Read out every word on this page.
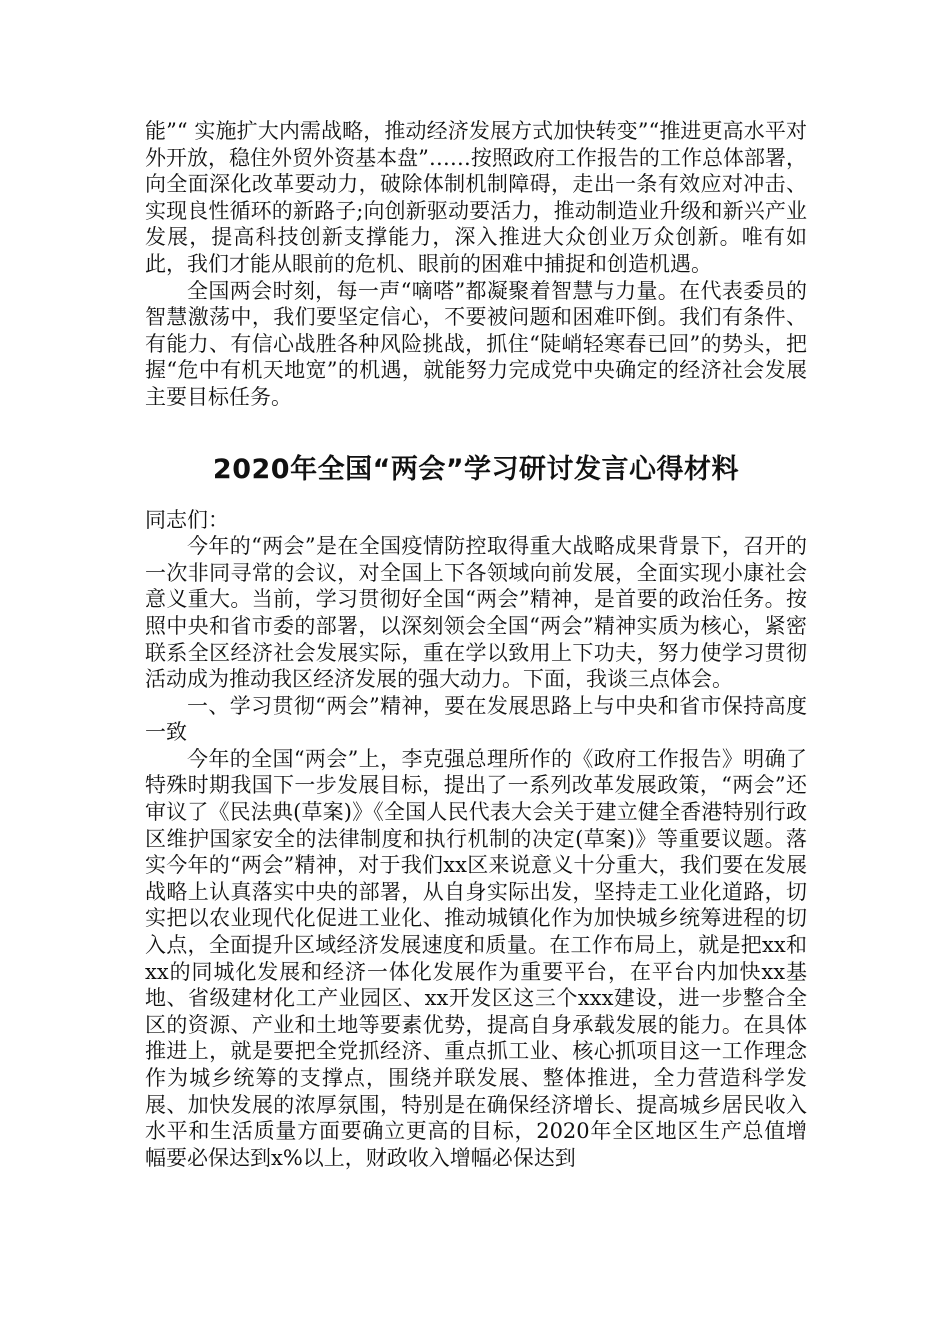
能”“ 实施扩大内需战略，推动经济发展方式加快转变”“推进更高水平对外开放，稳住外贸外资基本盘”……按照政府工作报告的工作总体部署，向全面深化改革要动力，破除体制机制障碍，走出一条有效应对冲击、实现良性循环的新路子;向创新驱动要活力，推动制造业升级和新兴产业发展，提高科技创新支撑能力，深入推进大众创业万众创新。唯有如此，我们才能从眼前的危机、眼前的困难中捕捉和创造机遇。

全国两会时刻，每一声“嘀嗒”都凝聚着智慧与力量。在代表委员的智慧激荡中，我们要坚定信心，不要被问题和困难吓倒。我们有条件、有能力、有信心战胜各种风险挑战，抓住“陡峭轻寒春已回”的势头，把握“危中有机天地宽”的机遇，就能努力完成党中央确定的经济社会发展主要目标任务。

2020年全国“两会”学习研讨发言心得材料

同志们：

今年的“两会”是在全国疫情防控取得重大战略成果背景下，召开的一次非同寻常的会议，对全国上下各领域向前发展，全面实现小康社会意义重大。当前，学习贯彻好全国“两会”精神，是首要的政治任务。按照中央和省市委的部署，以深刻领会全国“两会”精神实质为核心，紧密联系全区经济社会发展实际，重在学以致用上下功夫，努力使学习贯彻活动成为推动我区经济发展的强大动力。下面，我谈三点体会。

一、学习贯彻“两会”精神，要在发展思路上与中央和省市保持高度一致

今年的全国“两会”上，李克强总理所作的《政府工作报告》明确了特殊时期我国下一步发展目标，提出了一系列改革发展政策，“两会”还审议了《民法典(草案)》《全国人民代表大会关于建立健全香港特别行政区维护国家安全的法律制度和执行机制的决定(草案)》等重要议题。落实今年的“两会”精神，对于我们xx区来说意义十分重大，我们要在发展战略上认真落实中央的部署，从自身实际出发，坚持走工业化道路，切实把以农业现代化促进工业化、推动城镇化作为加快城乡统筹进程的切入点，全面提升区域经济发展速度和质量。在工作布局上，就是把xx和xx的同城化发展和经济一体化发展作为重要平台，在平台内加快xx基地、省级建材化工产业园区、xx开发区这三个xxx建设，进一步整合全区的资源、产业和土地等要素优势，提高自身承载发展的能力。在具体推进上，就是要把全党抓经济、重点抓工业、核心抓项目这一工作理念作为城乡统筹的支撑点，围绕并联发展、整体推进，全力营造科学发展、加快发展的浓厚氛围，特别是在确保经济增长、提高城乡居民收入水平和生活质量方面要确立更高的目标，2020年全区地区生产总值增幅要必保达到x%以上，财政收入增幅必保达到
